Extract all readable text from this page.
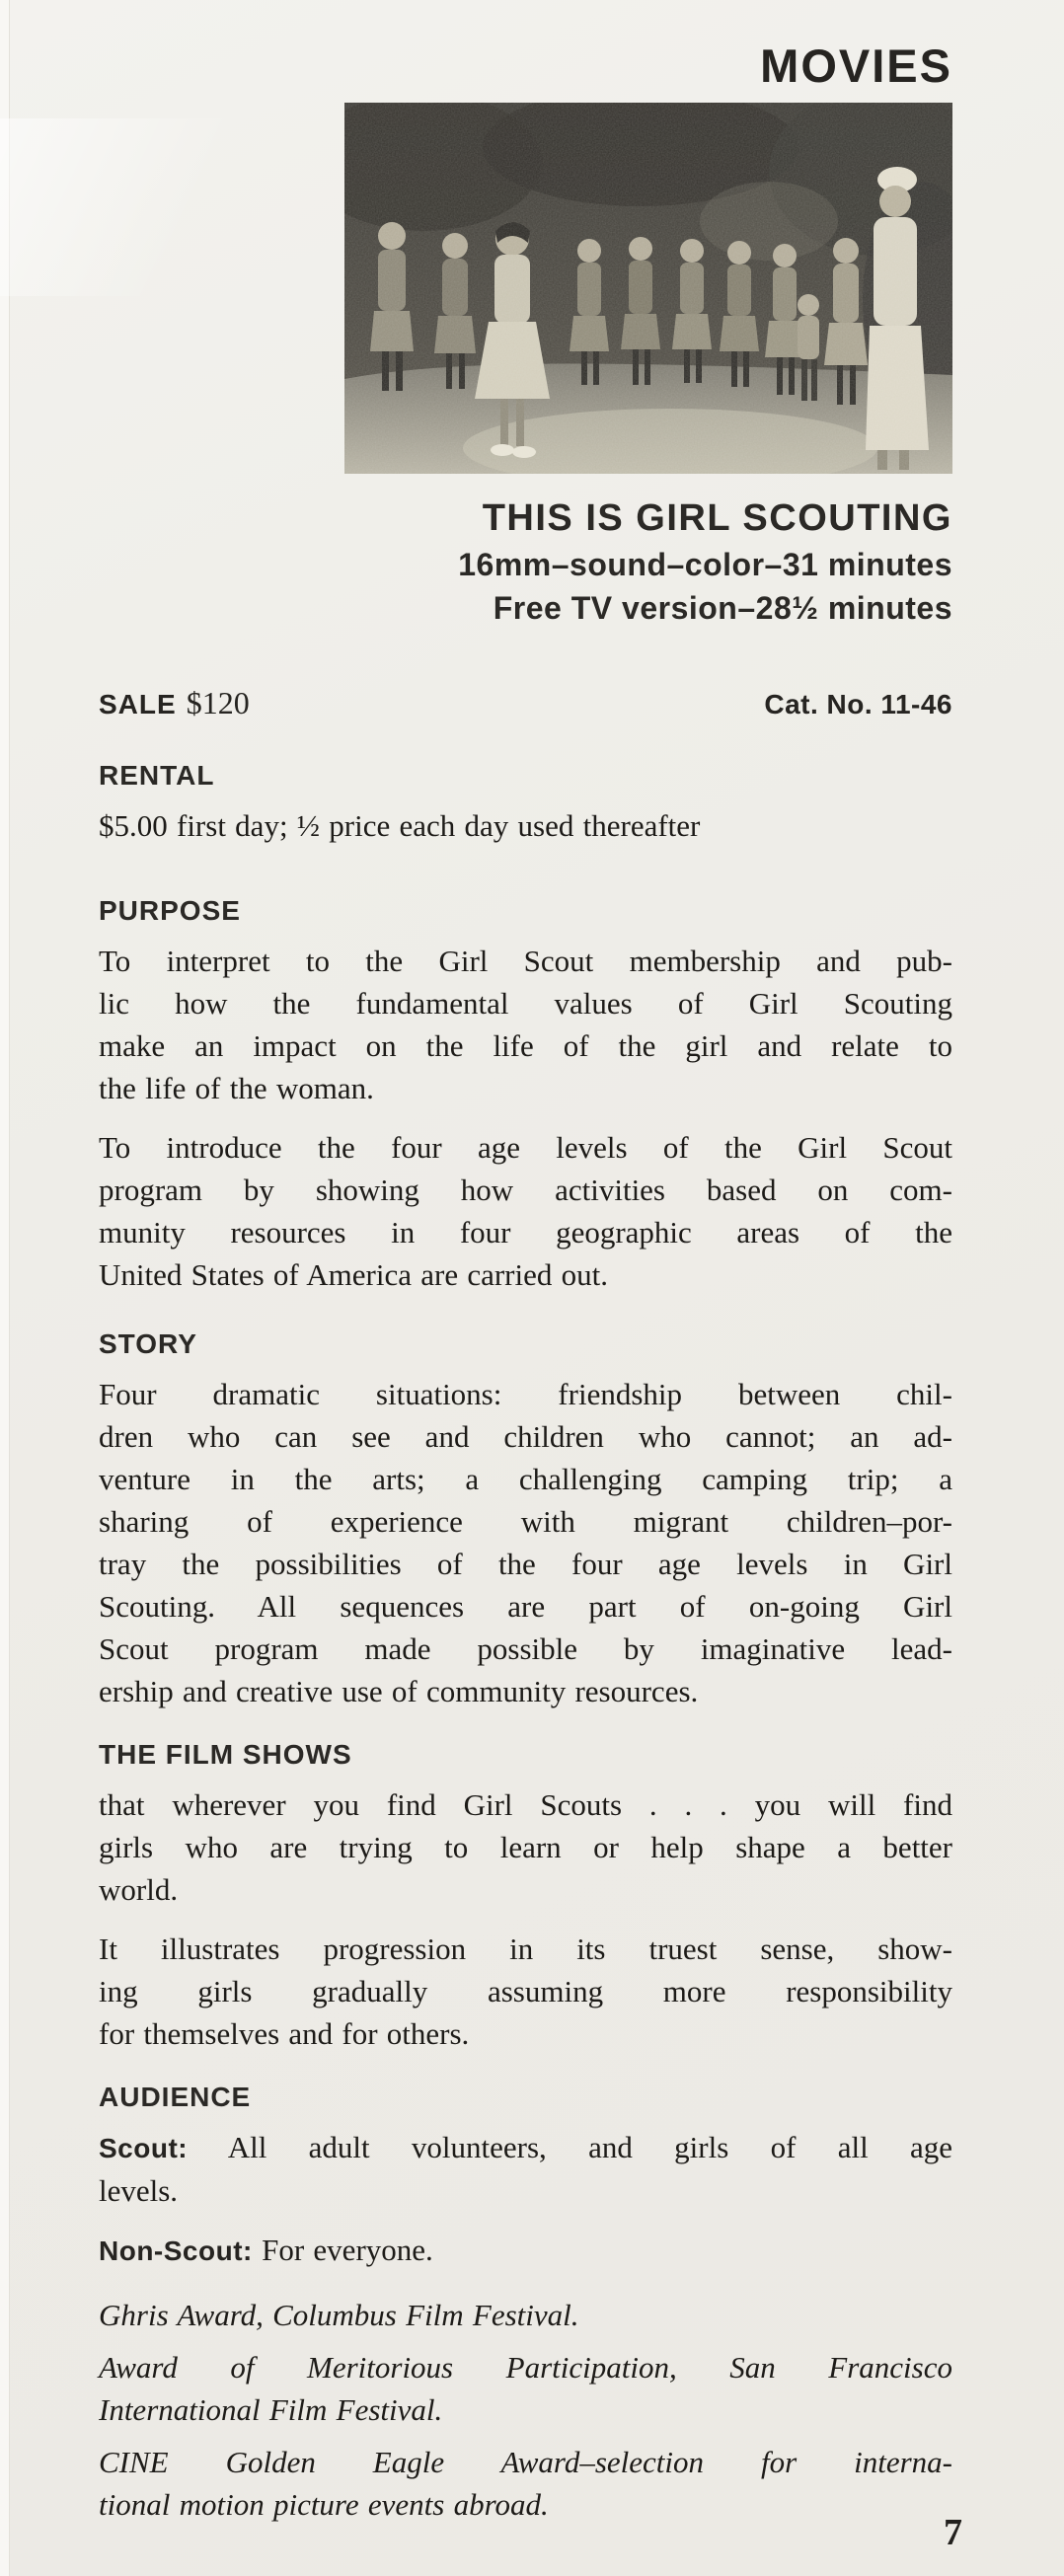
MOVIES
THIS IS GIRL SCOUTING
16mm–sound–color–31 minutes
Free TV version–28½ minutes
SALE $120	Cat. No. 11-46
RENTAL
$5.00 first day; ½ price each day used thereafter
PURPOSE
To interpret to the Girl Scout membership and pub-
lic how the fundamental values of Girl Scouting
make an impact on the life of the girl and relate to
the life of the woman.
To introduce the four age levels of the Girl Scout
program by showing how activities based on com-
munity resources in four geographic areas of the
United States of America are carried out.
STORY
Four dramatic situations: friendship between chil-
dren who can see and children who cannot; an ad-
venture in the arts; a challenging camping trip; a
sharing of experience with migrant children–por-
tray the possibilities of the four age levels in Girl
Scouting. All sequences are part of on-going Girl
Scout program made possible by imaginative lead-
ership and creative use of community resources.
THE FILM SHOWS
that wherever you find Girl Scouts . . . you will find
girls who are trying to learn or help shape a better
world.
It illustrates progression in its truest sense, show-
ing girls gradually assuming more responsibility
for themselves and for others.
AUDIENCE
Scout: All adult volunteers, and girls of all age
levels.
Non-Scout: For everyone.
Ghris Award, Columbus Film Festival.
Award of Meritorious Participation, San Francisco
International Film Festival.
CINE Golden Eagle Award–selection for interna-
tional motion picture events abroad.
7
